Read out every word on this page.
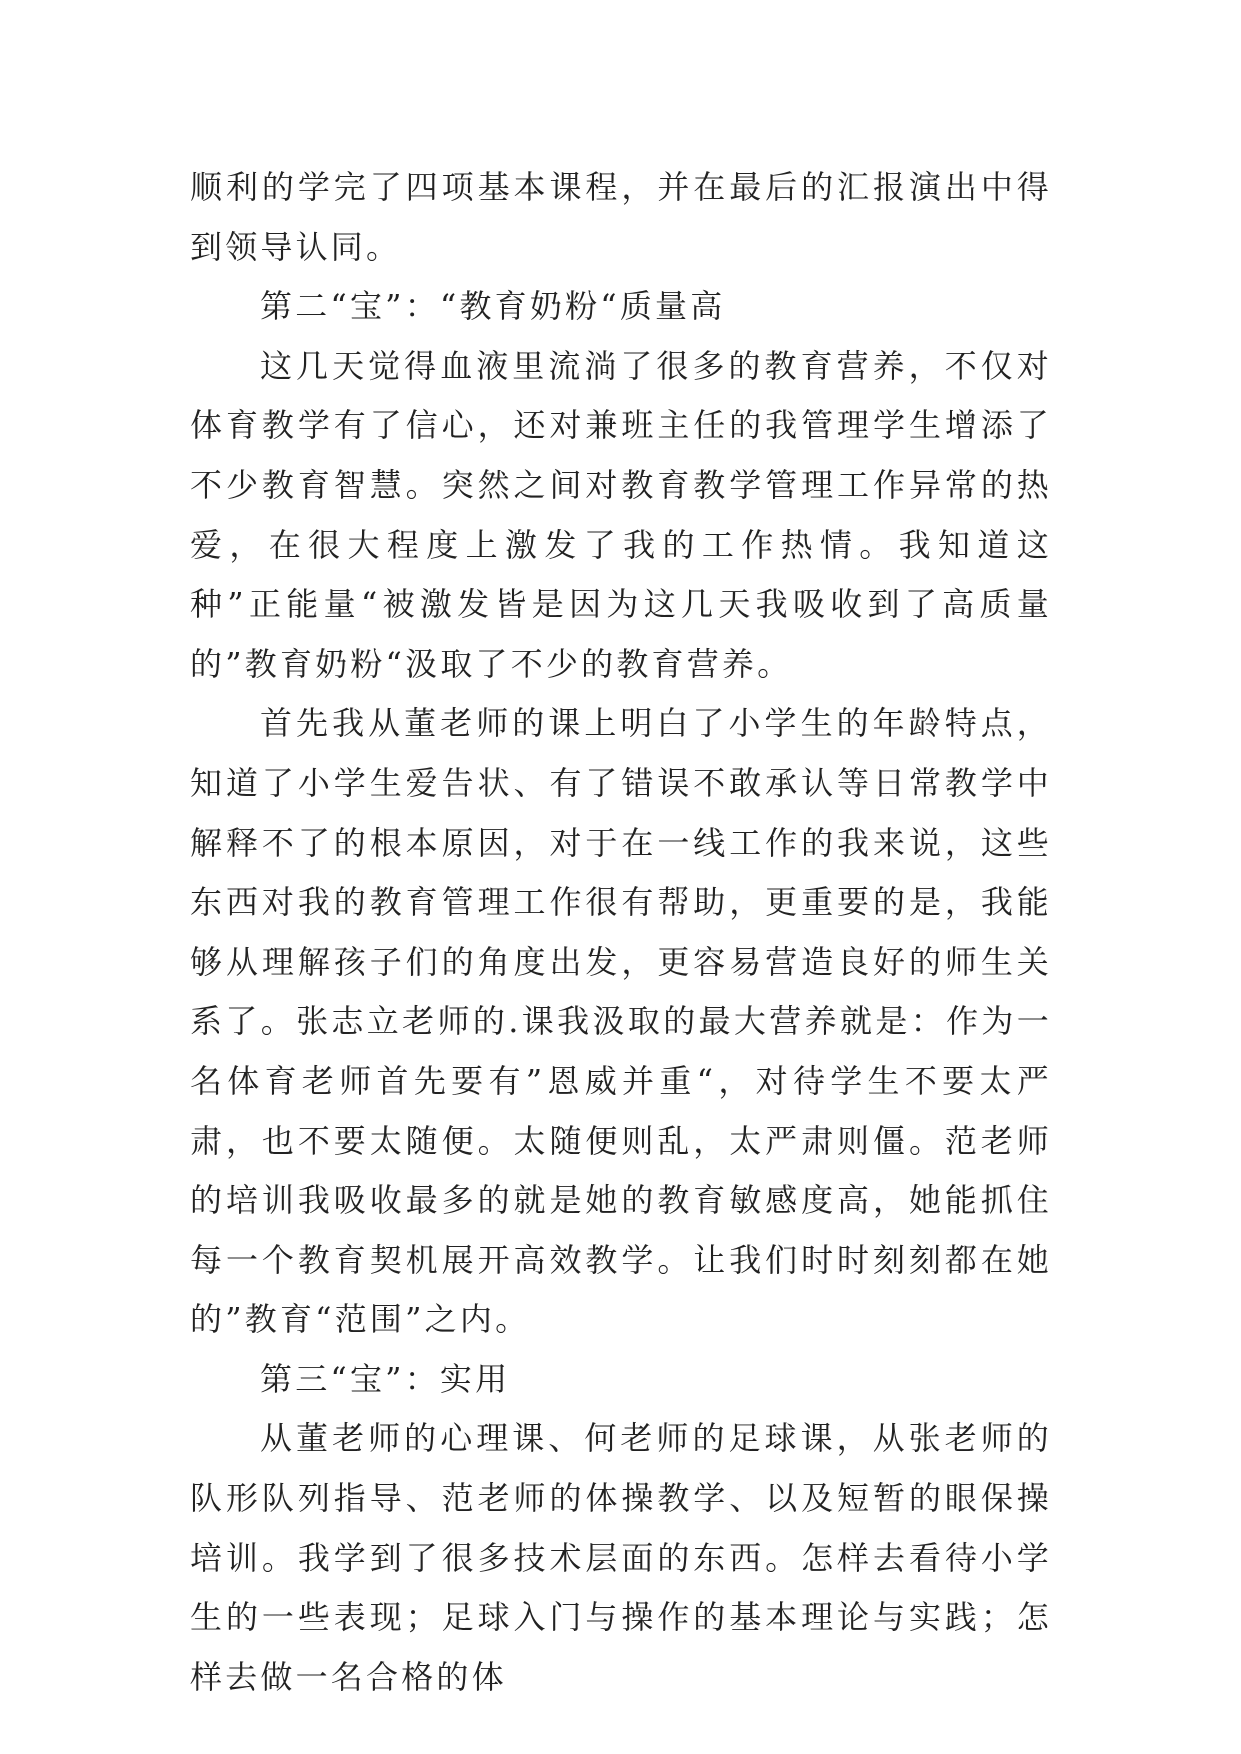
顺利的学完了四项基本课程，并在最后的汇报演出中得到领导认同。

第二“宝”：“教育奶粉“质量高

这几天觉得血液里流淌了很多的教育营养，不仅对体育教学有了信心，还对兼班主任的我管理学生增添了不少教育智慧。突然之间对教育教学管理工作异常的热爱，在很大程度上激发了我的工作热情。我知道这种”正能量“被激发皆是因为这几天我吸收到了高质量的”教育奶粉“汲取了不少的教育营养。

首先我从董老师的课上明白了小学生的年龄特点，知道了小学生爱告状、有了错误不敢承认等日常教学中解释不了的根本原因，对于在一线工作的我来说，这些东西对我的教育管理工作很有帮助，更重要的是，我能够从理解孩子们的角度出发，更容易营造良好的师生关系了。张志立老师的.课我汲取的最大营养就是：作为一名体育老师首先要有”恩威并重“，对待学生不要太严肃，也不要太随便。太随便则乱，太严肃则僵。范老师的培训我吸收最多的就是她的教育敏感度高，她能抓住每一个教育契机展开高效教学。让我们时时刻刻都在她的”教育“范围”之内。

第三“宝”：实用

从董老师的心理课、何老师的足球课，从张老师的队形队列指导、范老师的体操教学、以及短暂的眼保操培训。我学到了很多技术层面的东西。怎样去看待小学生的一些表现；足球入门与操作的基本理论与实践；怎样去做一名合格的体
